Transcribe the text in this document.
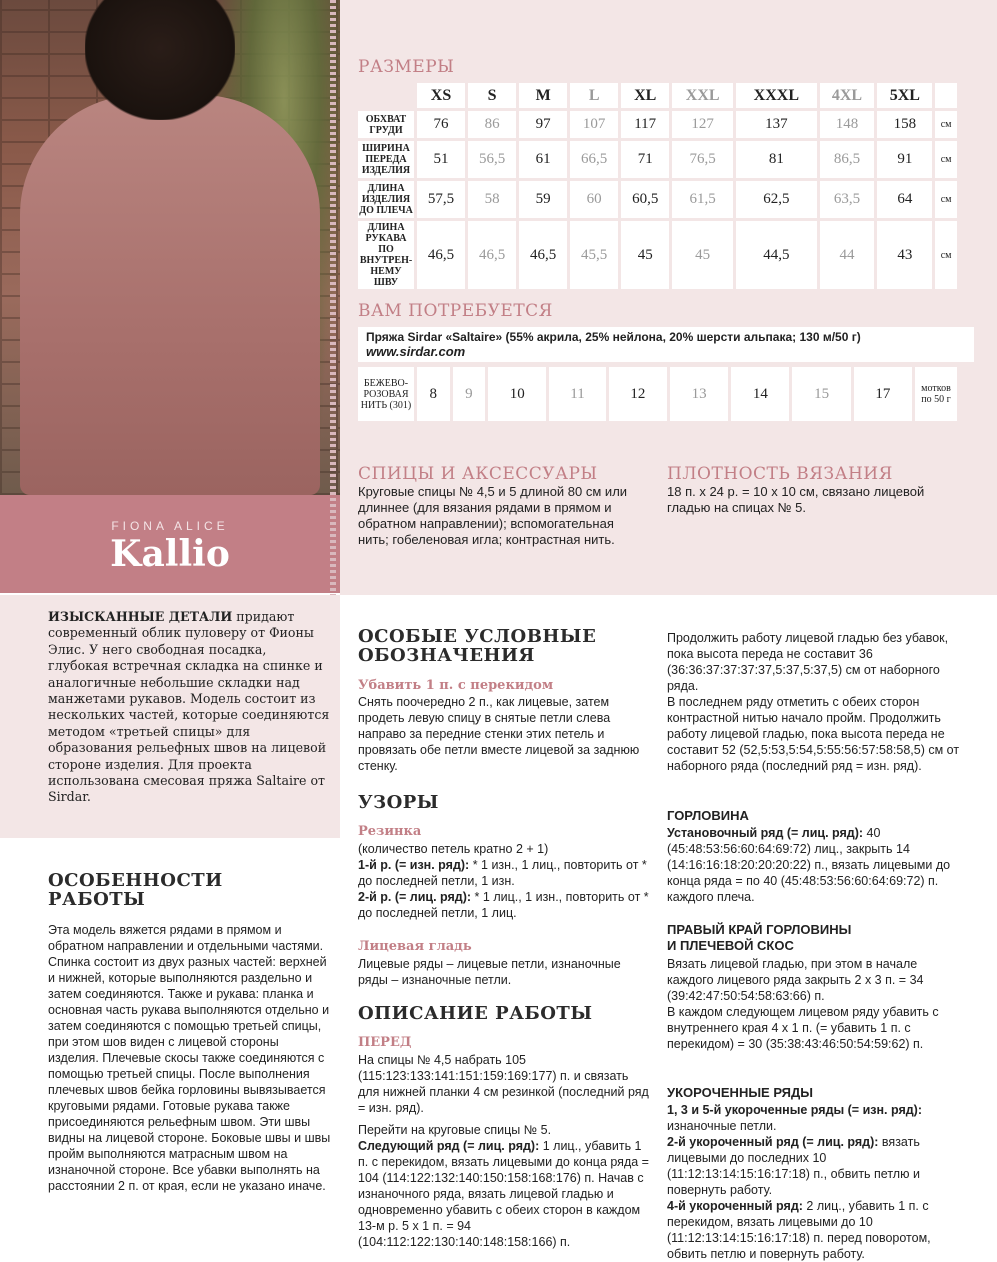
FIONA ALICE
Kallio
РАЗМЕРЫ
	XS	S	M	L	XL	XXL	XXXL	4XL	5XL	
ОБХВАТ ГРУДИ	76	86	97	107	117	127	137	148	158	см
ШИРИНА ПЕРЕДА ИЗДЕЛИЯ	51	56,5	61	66,5	71	76,5	81	86,5	91	см
ДЛИНА ИЗДЕЛИЯ ДО ПЛЕЧА	57,5	58	59	60	60,5	61,5	62,5	63,5	64	см
ДЛИНА РУКАВА ПО ВНУТРЕН-НЕМУ ШВУ	46,5	46,5	46,5	45,5	45	45	44,5	44	43	см
ВАМ ПОТРЕБУЕТСЯ
Пряжа Sirdar «Saltaire» (55% акрила, 25% нейлона, 20% шерсти альпака; 130 м/50 г)
www.sirdar.com
БЕЖЕВО-РОЗОВАЯ НИТЬ (301)	8	9	10	11	12	13	14	15	17	мотков по 50 г
СПИЦЫ И АКСЕССУАРЫ
Круговые спицы № 4,5 и 5 длиной 80 см или длиннее (для вязания рядами в прямом и обратном направлении); вспомогательная нить; гобеленовая игла; контрастная нить.
ПЛОТНОСТЬ ВЯЗАНИЯ
18 п. х 24 р. = 10 х 10 см, связано лицевой гладью на спицах № 5.

ИЗЫСКАННЫЕ ДЕТАЛИ придают современный облик пуловеру от Фионы Элис. У него свободная посадка, глубокая встречная складка на спинке и аналогичные небольшие складки над манжетами рукавов. Модель состоит из нескольких частей, которые соединяются методом «третьей спицы» для образования рельефных швов на лицевой стороне изделия. Для проекта использована смесовая пряжа Saltaire от Sirdar.

ОСОБЕННОСТИ
РАБОТЫ
Эта модель вяжется рядами в прямом и обратном направлении и отдельными частями. Спинка состоит из двух разных частей: верхней и нижней, которые выполняются раздельно и затем соединяются. Также и рукава: планка и основная часть рукава выполняются отдельно и затем соединяются с помощью третьей спицы, при этом шов виден с лицевой стороны изделия. Плечевые скосы также соединяются с помощью третьей спицы. После выполнения плечевых швов бейка горловины вывязывается круговыми рядами. Готовые рукава также присоединяются рельефным швом. Эти швы видны на лицевой стороне. Боковые швы и швы пройм выполняются матрасным швом на изнаночной стороне. Все убавки выполнять на расстоянии 2 п. от края, если не указано иначе.
ОСОБЫЕ УСЛОВНЫЕ
ОБОЗНАЧЕНИЯ
Убавить 1 п. с перекидом
Снять поочередно 2 п., как лицевые, затем продеть левую спицу в снятые петли слева направо за передние стенки этих петель и провязать обе петли вместе лицевой за заднюю стенку.
УЗОРЫ
Резинка
(количество петель кратно 2 + 1)
1-й р. (= изн. ряд): * 1 изн., 1 лиц., повторить от * до последней петли, 1 изн.
2-й р. (= лиц. ряд): * 1 лиц., 1 изн., повторить от * до последней петли, 1 лиц.
Лицевая гладь
Лицевые ряды – лицевые петли, изнаночные ряды – изнаночные петли.
ОПИСАНИЕ РАБОТЫ
ПЕРЕД
На спицы № 4,5 набрать 105 (115:123:133:141:151:159:169:177) п. и связать для нижней планки 4 см резинкой (последний ряд = изн. ряд).
Перейти на круговые спицы № 5.
Следующий ряд (= лиц. ряд): 1 лиц., убавить 1 п. с перекидом, вязать лицевыми до конца ряда = 104 (114:122:132:140:150:158:168:176) п. Начав с изнаночного ряда, вязать лицевой гладью и одновременно убавить с обеих сторон в каждом 13-м р. 5 х 1 п. = 94 (104:112:122:130:140:148:158:166) п.
Продолжить работу лицевой гладью без убавок, пока высота переда не составит 36 (36:36:37:37:37:37,5:37,5:37,5) см от наборного ряда.
В последнем ряду отметить с обеих сторон контрастной нитью начало пройм. Продолжить работу лицевой гладью, пока высота переда не составит 52 (52,5:53,5:54,5:55:56:57:58:58,5) см от наборного ряда (последний ряд = изн. ряд).
ГОРЛОВИНА
Установочный ряд (= лиц. ряд): 40 (45:48:53:56:60:64:69:72) лиц., закрыть 14 (14:16:16:18:20:20:20:22) п., вязать лицевыми до конца ряда = по 40 (45:48:53:56:60:64:69:72) п. каждого плеча.
ПРАВЫЙ КРАЙ ГОРЛОВИНЫ
И ПЛЕЧЕВОЙ СКОС
Вязать лицевой гладью, при этом в начале каждого лицевого ряда закрыть 2 х 3 п. = 34 (39:42:47:50:54:58:63:66) п.
В каждом следующем лицевом ряду убавить с внутреннего края 4 х 1 п. (= убавить 1 п. с перекидом) = 30 (35:38:43:46:50:54:59:62) п.
УКОРОЧЕННЫЕ РЯДЫ
1, 3 и 5-й укороченные ряды (= изн. ряд): изнаночные петли.
2-й укороченный ряд (= лиц. ряд): вязать лицевыми до последних 10 (11:12:13:14:15:16:17:18) п., обвить петлю и повернуть работу.
4-й укороченный ряд: 2 лиц., убавить 1 п. с перекидом, вязать лицевыми до 10 (11:12:13:14:15:16:17:18) п. перед поворотом, обвить петлю и повернуть работу.
